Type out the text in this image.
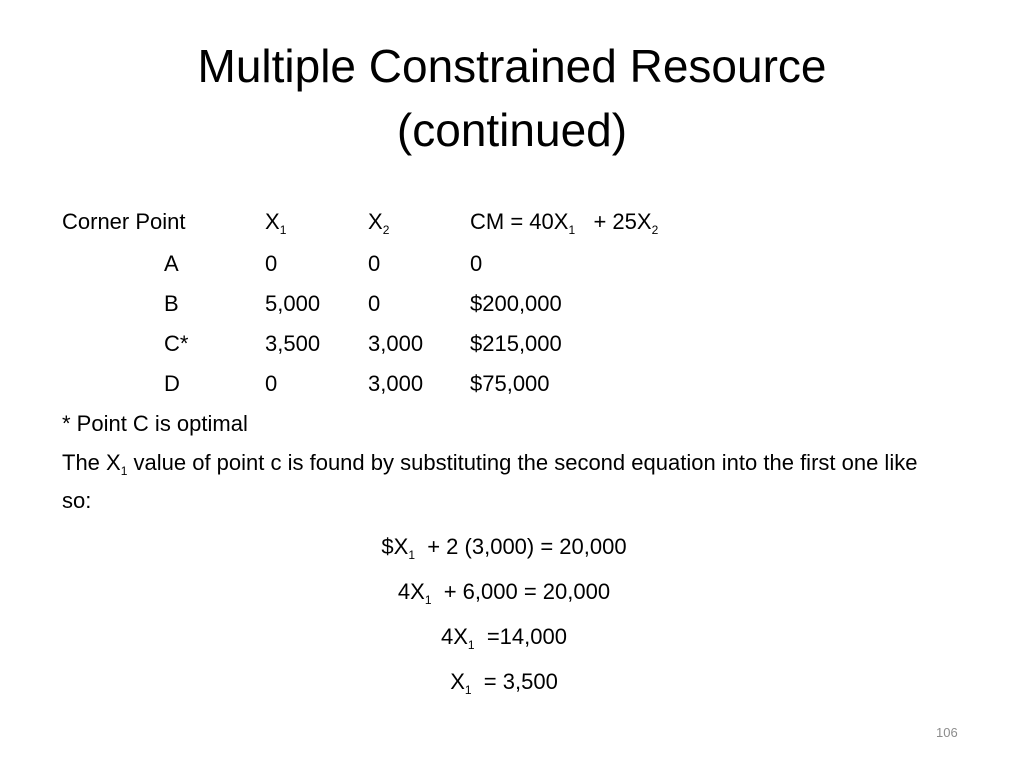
Multiple Constrained Resource
(continued)
Corner Point	$X_1$	$X_2$	CM = $40X_1 + 25X_2$
A	0	0	0
B	5,000	0	$200,000
C*	3,500	3,000	$215,000
D	0	3,000	$75,000
* Point C is optimal
The $X_1$ value of point c is found by substituting the second equation into the first one like so:
$\$X_1 + 2$ (3,000) = 20,000
$4X_1 + 6,000 = 20,000$
$4X_1 =14,000$
$X_1 = 3,500$
106
